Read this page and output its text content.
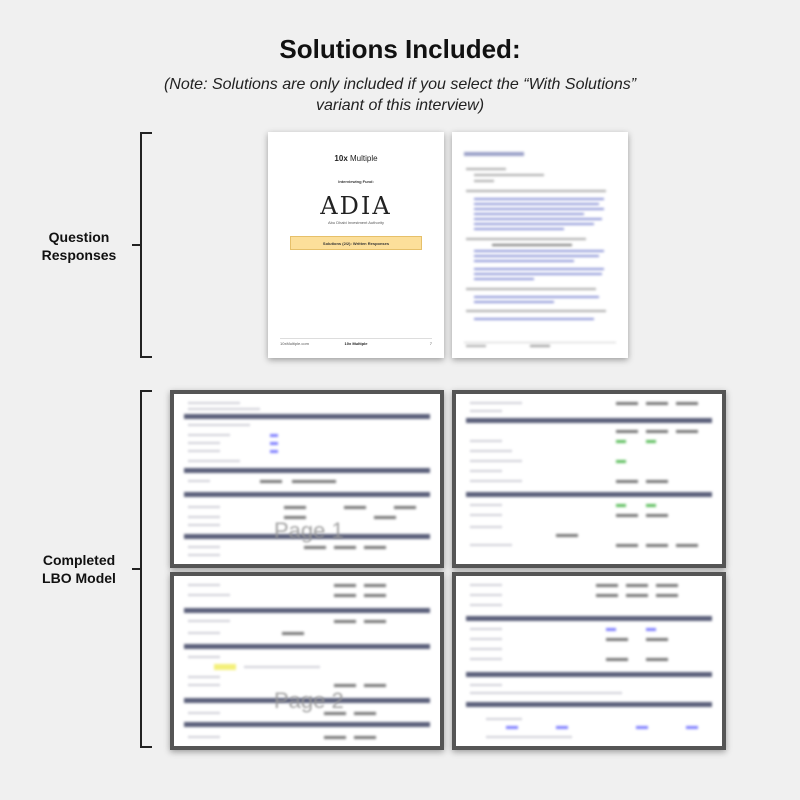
Solutions Included:
(Note: Solutions are only included if you select the “With Solutions” variant of this interview)
Question
Responses
10x Multiple
Interviewing Fund:
ADIA
Abu Dhabi Investment Authority
Solutions (2/2): Written Responses
10xMultiple.com	10x Multiple	7
Completed
LBO Model
Page 1
Page 2
